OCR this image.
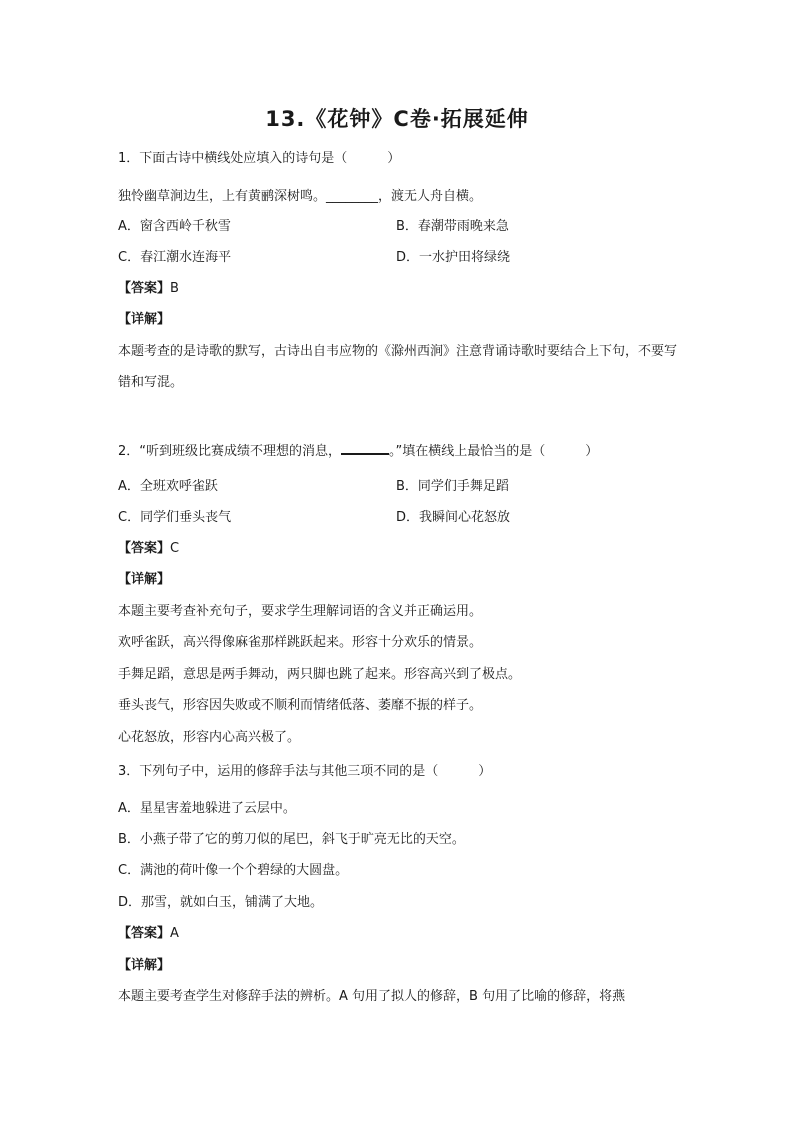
13.《花钟》C卷·拓展延伸
1．下面古诗中横线处应填入的诗句是（	）
独怜幽草涧边生，上有黄鹂深树鸣。________，渡无人舟自横。
A．窗含西岭千秋雪	B．春潮带雨晚来急
C．春江潮水连海平	D．一水护田将绿绕
【答案】B
【详解】
本题考查的是诗歌的默写，古诗出自韦应物的《滁州西涧》注意背诵诗歌时要结合上下句，不要写错和写混。
2．“听到班级比赛成绩不理想的消息，	。”填在横线上最恰当的是（	）
A．全班欢呼雀跃	B．同学们手舞足蹈
C．同学们垂头丧气	D．我瞬间心花怒放
【答案】C
【详解】
本题主要考查补充句子，要求学生理解词语的含义并正确运用。
欢呼雀跃，高兴得像麻雀那样跳跃起来。形容十分欢乐的情景。
手舞足蹈，意思是两手舞动，两只脚也跳了起来。形容高兴到了极点。
垂头丧气，形容因失败或不顺利而情绪低落、萎靡不振的样子。
心花怒放，形容内心高兴极了。
3．下列句子中，运用的修辞手法与其他三项不同的是（	）
A．星星害羞地躲进了云层中。
B．小燕子带了它的剪刀似的尾巴，斜飞于旷亮无比的天空。
C．满池的荷叶像一个个碧绿的大圆盘。
D．那雪，就如白玉，铺满了大地。
【答案】A
【详解】
本题主要考查学生对修辞手法的辨析。A 句用了拟人的修辞，B 句用了比喻的修辞，将燕
